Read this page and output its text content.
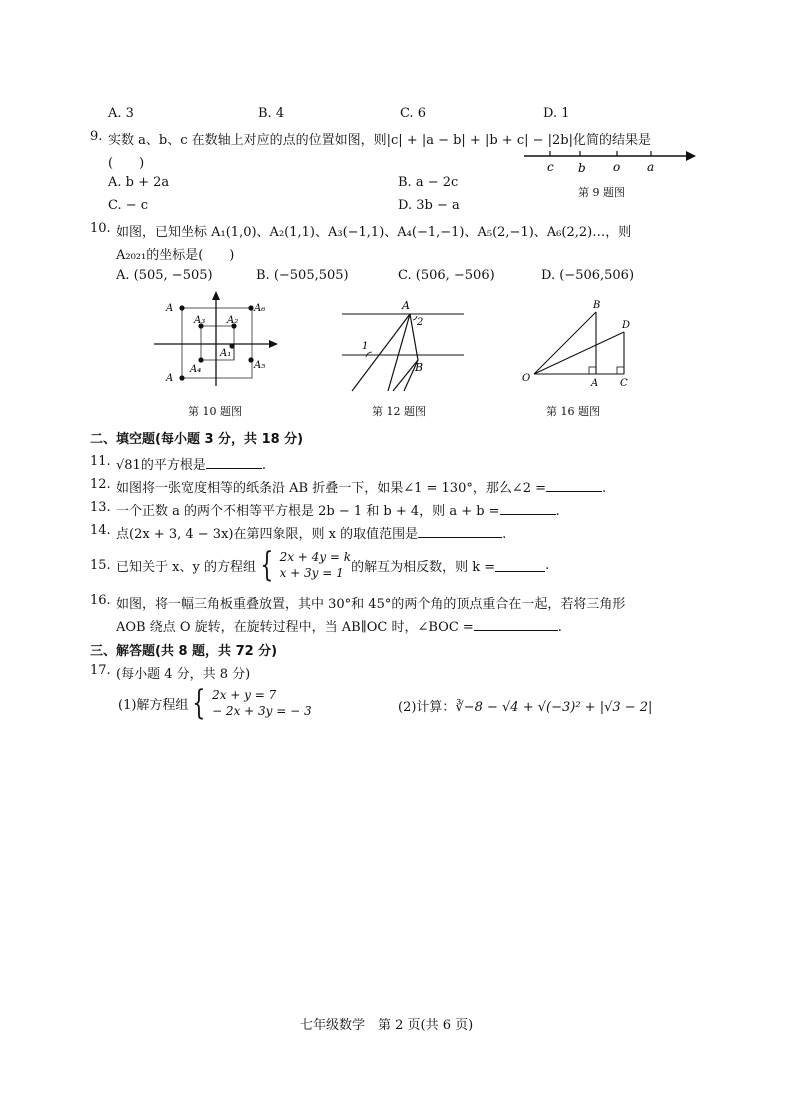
A. 3	B. 4	C. 6	D. 1
9. 实数 a、b、c 在数轴上对应的点的位置如图，则|c| + |a − b| + |b + c| − |2b|化简的结果是
(　　)
A. b + 2a	B. a − 2c
C. − c	D. 3b − a
c b o a
第 9 题图
10. 如图，已知坐标 A₁(1,0)、A₂(1,1)、A₃(−1,1)、A₄(−1,−1)、A₅(2,−1)、A₆(2,2)…，则
A₂₀₂₁的坐标是(　　)
A. (505, −505)	B. (−505,505)	C. (506, −506)	D. (−506,506)
A₁
A₂
A₃
A₄	A₅
A₆
A
A
第 10 题图
A
2
1
B
第 12 题图
B
D
O	A C
第 16 题图
二、填空题(每小题 3 分，共 18 分)
11. √81的平方根是	.
12. 如图将一张宽度相等的纸条沿 AB 折叠一下，如果∠1 = 130°，那么∠2 =	.
13. 一个正数 a 的两个不相等平方根是 2b − 1 和 b + 4，则 a + b =	.
14. 点(2x + 3, 4 − 3x)在第四象限，则 x 的取值范围是	.
15. 已知关于 x、y 的方程组 { 2x + 4y = k
x + 3y = 1 的解互为相反数，则 k =	.
16. 如图，将一幅三角板重叠放置，其中 30°和 45°的两个角的顶点重合在一起，若将三角形
AOB 绕点 O 旋转，在旋转过程中，当 AB∥OC 时，∠BOC =	.
三、解答题(共 8 题，共 72 分)
17. (每小题 4 分，共 8 分)
(1)解方程组 { 2x + y = 7
− 2x + 3y = − 3	(2)计算：∛−8 − √4 + √(−3)² + |√3 − 2|
七年级数学　第 2 页(共 6 页)
